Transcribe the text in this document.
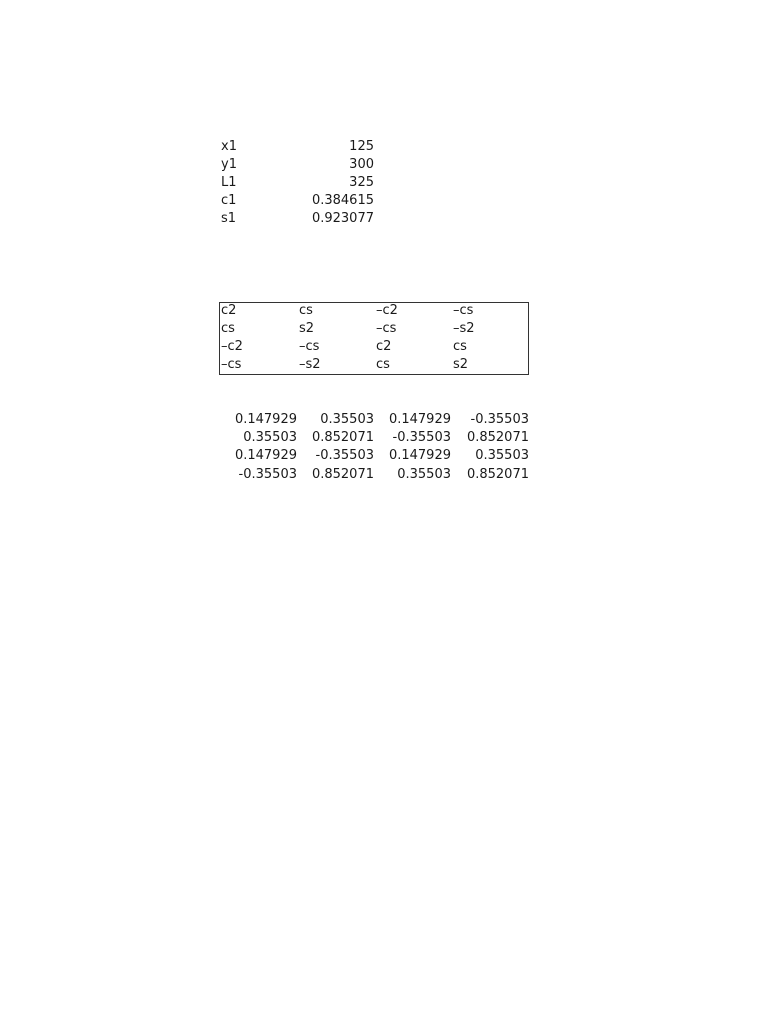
x1	125
y1	300
L1	325
c1	0.384615
s1	0.923077
c2	cs	–c2	–cs
cs	s2	–cs	–s2
–c2	–cs	c2	cs
–cs	–s2	cs	s2
0.147929	0.35503	0.147929	-0.35503
0.35503	0.852071	-0.35503	0.852071
0.147929	-0.35503	0.147929	0.35503
-0.35503	0.852071	0.35503	0.852071
